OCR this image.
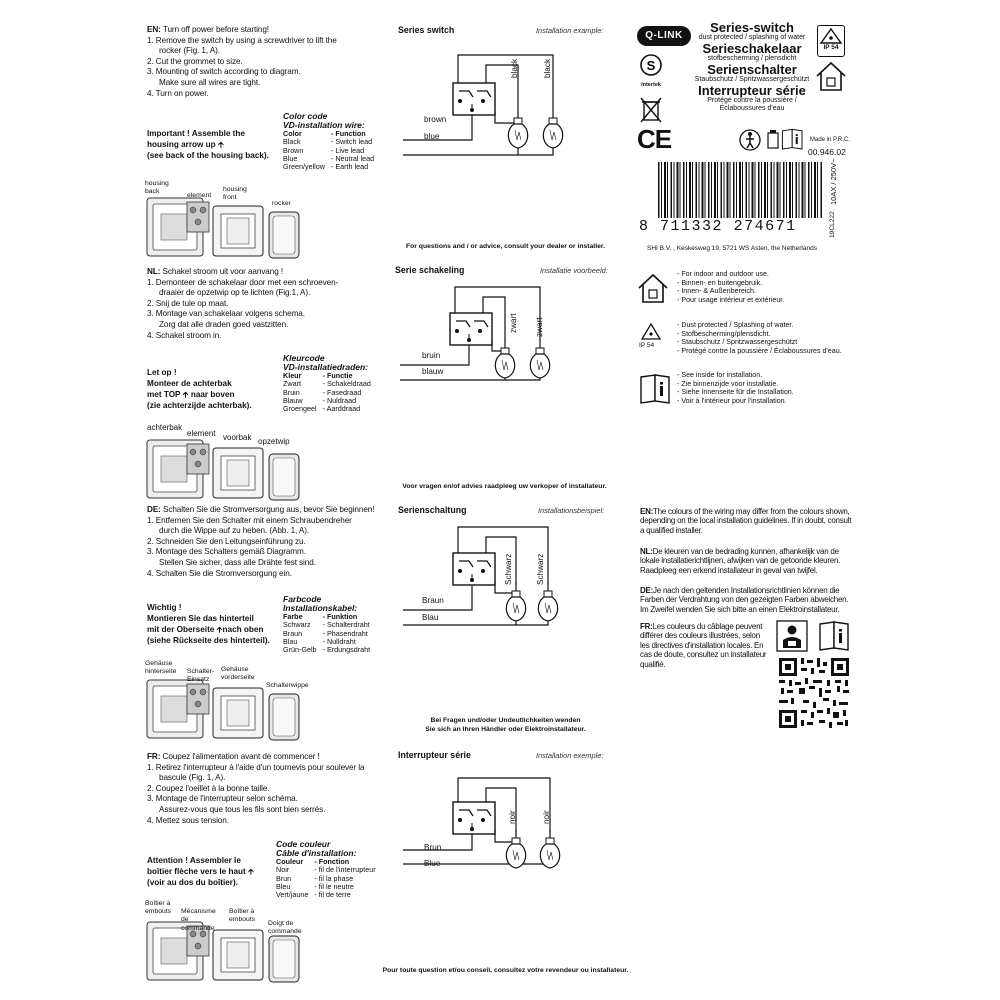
EN: Turn off power before starting!
1. Remove the switch by using a screwdriver to lift the
rocker (Fig. 1, A).
2. Cut the grommet to size.
3. Mounting of switch according to diagram.
Make sure all wires are tight.
4. Turn on power.
Important ! Assemble the
housing arrow up 🡩
(see back of the housing back).
Color code
VD-installation wire:
Color	- Function
Black	- Switch lead
Brown	- Live lead
Blue	- Neutral lead
Green/yellow	- Earth lead
housing back
element
housing front
rocker
NL: Schakel stroom uit voor aanvang !
1. Demonteer de schakelaar door met een schroeven-
draaier de opzetwip op te lichten (Fig.1, A).
2. Snij de tule op maat.
3. Montage van schakelaar volgens schema.
Zorg dat alle draden goed vastzitten.
4. Schakel stroom in.
Let op !
Monteer de achterbak
met TOP 🡩 naar boven
(zie achterzijde achterbak).
Kleurcode
VD-installatiedraden:
Kleur	- Functie
Zwart	- Schakeldraad
Bruin	- Fasedraad
Blauw	- Nuldraad
Groengeel	- Aarddraad
achterbak
element voorbak opzetwip
DE: Schalten Sie die Stromversorgung aus, bevor Sie beginnen!
1. Entfernen Sie den Schalter mit einem Schraubendreher
durch die Wippe auf zu heben. (Abb. 1, A).
2. Schneiden Sie den Leitungseinführung zu.
3. Montage des Schalters gemäß Diagramm.
Stellen Sie sicher, dass alle Drähte fest sind.
4. Schalten Sie die Stromversorgung ein.
Wichtig !
Montieren Sie das hinterteil
mit der Oberseite 🡩nach oben
(siehe Rückseite des hinterteil).
Farbcode
Installationskabel:
Farbe	- Funktion
Schwarz	- Schalterdraht
Braun	- Phasendraht
Blau	- Nulldraht
Grün-Gelb	- Erdungsdraht
Gehäuse hinterseite	Schalter-Einsatz
Gehäuse vorderseite
Schalterwippe
FR: Coupez l'alimentation avant de commencer !
1. Retirez l'interrupteur à l'aide d'un tournevis pour soulever la
bascule (Fig. 1, A).
2. Coupez l'oeillet à la bonne taille.
3. Montage de l'interrupteur selon schéma.
Assurez-vous que tous les fils sont bien serrés.
4. Mettez sous tension.
Attention ! Assembler le
boîtier flèche vers le haut 🡩
(voir au dos du boîtier).
Code couleur
Câble d'installation:
Couleur	- Fonction
Noir	- fil de l'interrupteur
Brun	- fil la phase
Bleu	- fil le neutre
Vert/jaune	- fil de terre
Boîtier à embouts	Mécanisme de commande
Boîtier à embouts
Doigt de commande
Series switch	Installation example:
brown
blue
black	black
For questions and / or advice, consult your dealer or installer.
Serie schakeling	Installatie voorbeeld:
bruin
blauw
zwart zwart
Voor vragen en/of advies raadpleeg uw verkoper of installateur.
Serienschaltung	Installationsbeispiel:
Braun
Blau
Schwarz	Schwarz
Bei Fragen und/oder Undeutlichkeiten wenden
Sie sich an Ihren Händler oder Elektroinstallateur.
Interrupteur série	Installation exemple:
Brun
Blue
noir	noir
Pour toute question et/ou conseil, consultez votre revendeur ou installateur.
Q-LINK
Series-switch
dust protected / splashing of water
Serieschakelaar
stofbescherming / plensdicht
Serienschalter
Staubschutz / Spritzwassergeschützt
Interrupteur série
Protégé contre la poussière / Éclaboussures d'eau
IP 54
S
Intertek
CE	Made in P.R.C.
00.946.02
8 711332 274671	19CL222
10AX / 250V~
SHI B.V. , Keskesweg 19, 5721 WS Asten, the Netherlands
- For indoor and outdoor use.
- Binnen- en buitengebruik.
- Innen- & Außenbereich.
- Pour usage intérieur et extérieur.
IP 54
- Dust protected / Splashing of water.
- Stofbescherming/plensdicht.
- Staubschutz / Spritzwassergeschützt
- Protégé contre la poussière / Éclaboussures d'eau.
- See inside for installation.
- Zie binnenzijde voor installatie.
- Siehe Innenseite für die Installation.
- Voir à l'intérieur pour l'installation.
EN:The colours of the wiring may differ from the colours shown, depending on the local installation guidelines. If in doubt, consult a qualified installer.
NL:De kleuren van de bedrading kunnen, afhankelijk van de lokale installatierichtlijnen, afwijken van de getoonde kleuren. Raadpleeg een erkend installateur in geval van twijfel.
DE:Je nach den geltenden Installationsrichtlinien können die Farben der Verdrahtung von den gezeigten Farben abweichen. Im Zweifel wenden Sie sich bitte an einen Elektroinstallateur.
FR:Les couleurs du câblage peuvent différer des couleurs illustrées, selon les directives d'installation locales. En cas de doute, consultez un installateur qualifié.
